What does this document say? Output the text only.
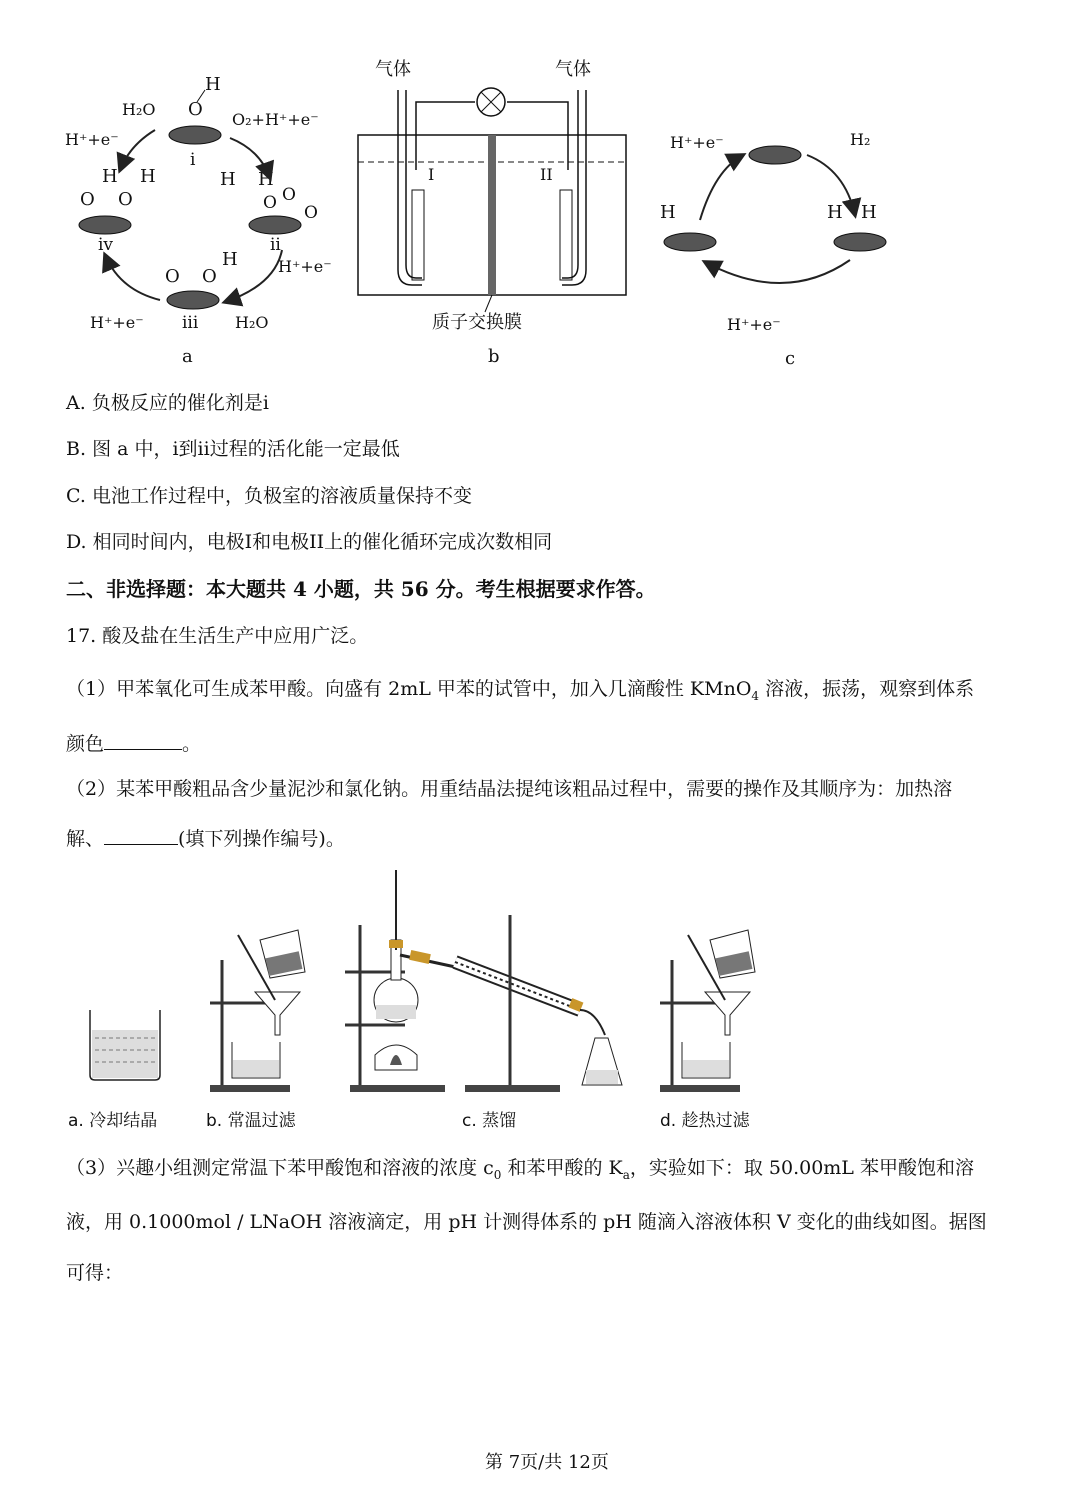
O
H
i
H H
O O
O
ii
O O
H
H
iv
O O
H
iii
H₂O
H⁺+e⁻
O₂+H⁺+e⁻
H⁺+e⁻
H₂O
H⁺+e⁻
a
气体	气体
I	II
质子交换膜
b
H	H H
H⁺+e⁻	H₂
H⁺+e⁻
c
A. 负极反应的催化剂是i
B. 图 a 中，i到ii过程的活化能一定最低
C. 电池工作过程中，负极室的溶液质量保持不变
D. 相同时间内，电极I和电极II上的催化循环完成次数相同
二、非选择题：本大题共 4 小题，共 56 分。考生根据要求作答。
17. 酸及盐在生活生产中应用广泛。
（1）甲苯氧化可生成苯甲酸。向盛有 2mL 甲苯的试管中，加入几滴酸性 KMnO$_4$ 溶液，振荡，观察到体系
颜色	。
（2）某苯甲酸粗品含少量泥沙和氯化钠。用重结晶法提纯该粗品过程中，需要的操作及其顺序为：加热溶
解、	(填下列操作编号)。
a. 冷却结晶	b. 常温过滤	c. 蒸馏	d. 趁热过滤
（3）兴趣小组测定常温下苯甲酸饱和溶液的浓度 $c_0$ 和苯甲酸的 $K_a$，实验如下：取 50.00mL 苯甲酸饱和溶
液，用 0.1000mol / LNaOH 溶液滴定，用 pH 计测得体系的 pH 随滴入溶液体积 V 变化的曲线如图。据图
可得：
第 7页/共 12页
